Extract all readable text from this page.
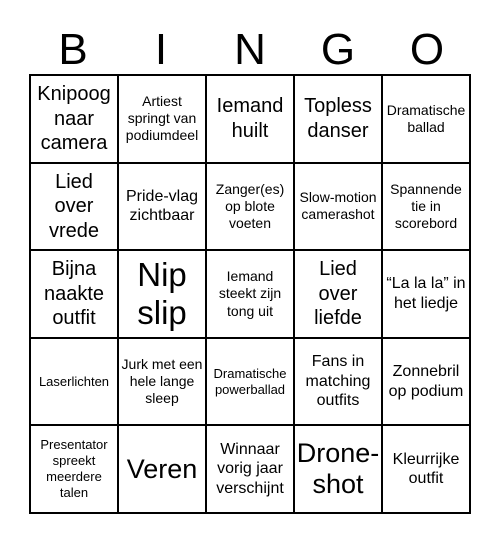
B	I	N	G	O
Knipoog naar camera
Artiest springt van podiumdeel
Iemand huilt
Topless danser
Dramatische ballad
Lied over vrede
Pride-vlag zichtbaar
Zanger(es) op blote voeten
Slow-motion camerashot
Spannende tie in scorebord
Bijna naakte outfit
Nip slip
Iemand steekt zijn tong uit
Lied over liefde
“La la la” in het liedje
Laserlichten
Jurk met een hele lange sleep
Dramatische powerballad
Fans in matching outfits
Zonnebril op podium
Presentator spreekt meerdere talen
Veren
Winnaar vorig jaar verschijnt
Drone-shot
Kleurrijke outfit
